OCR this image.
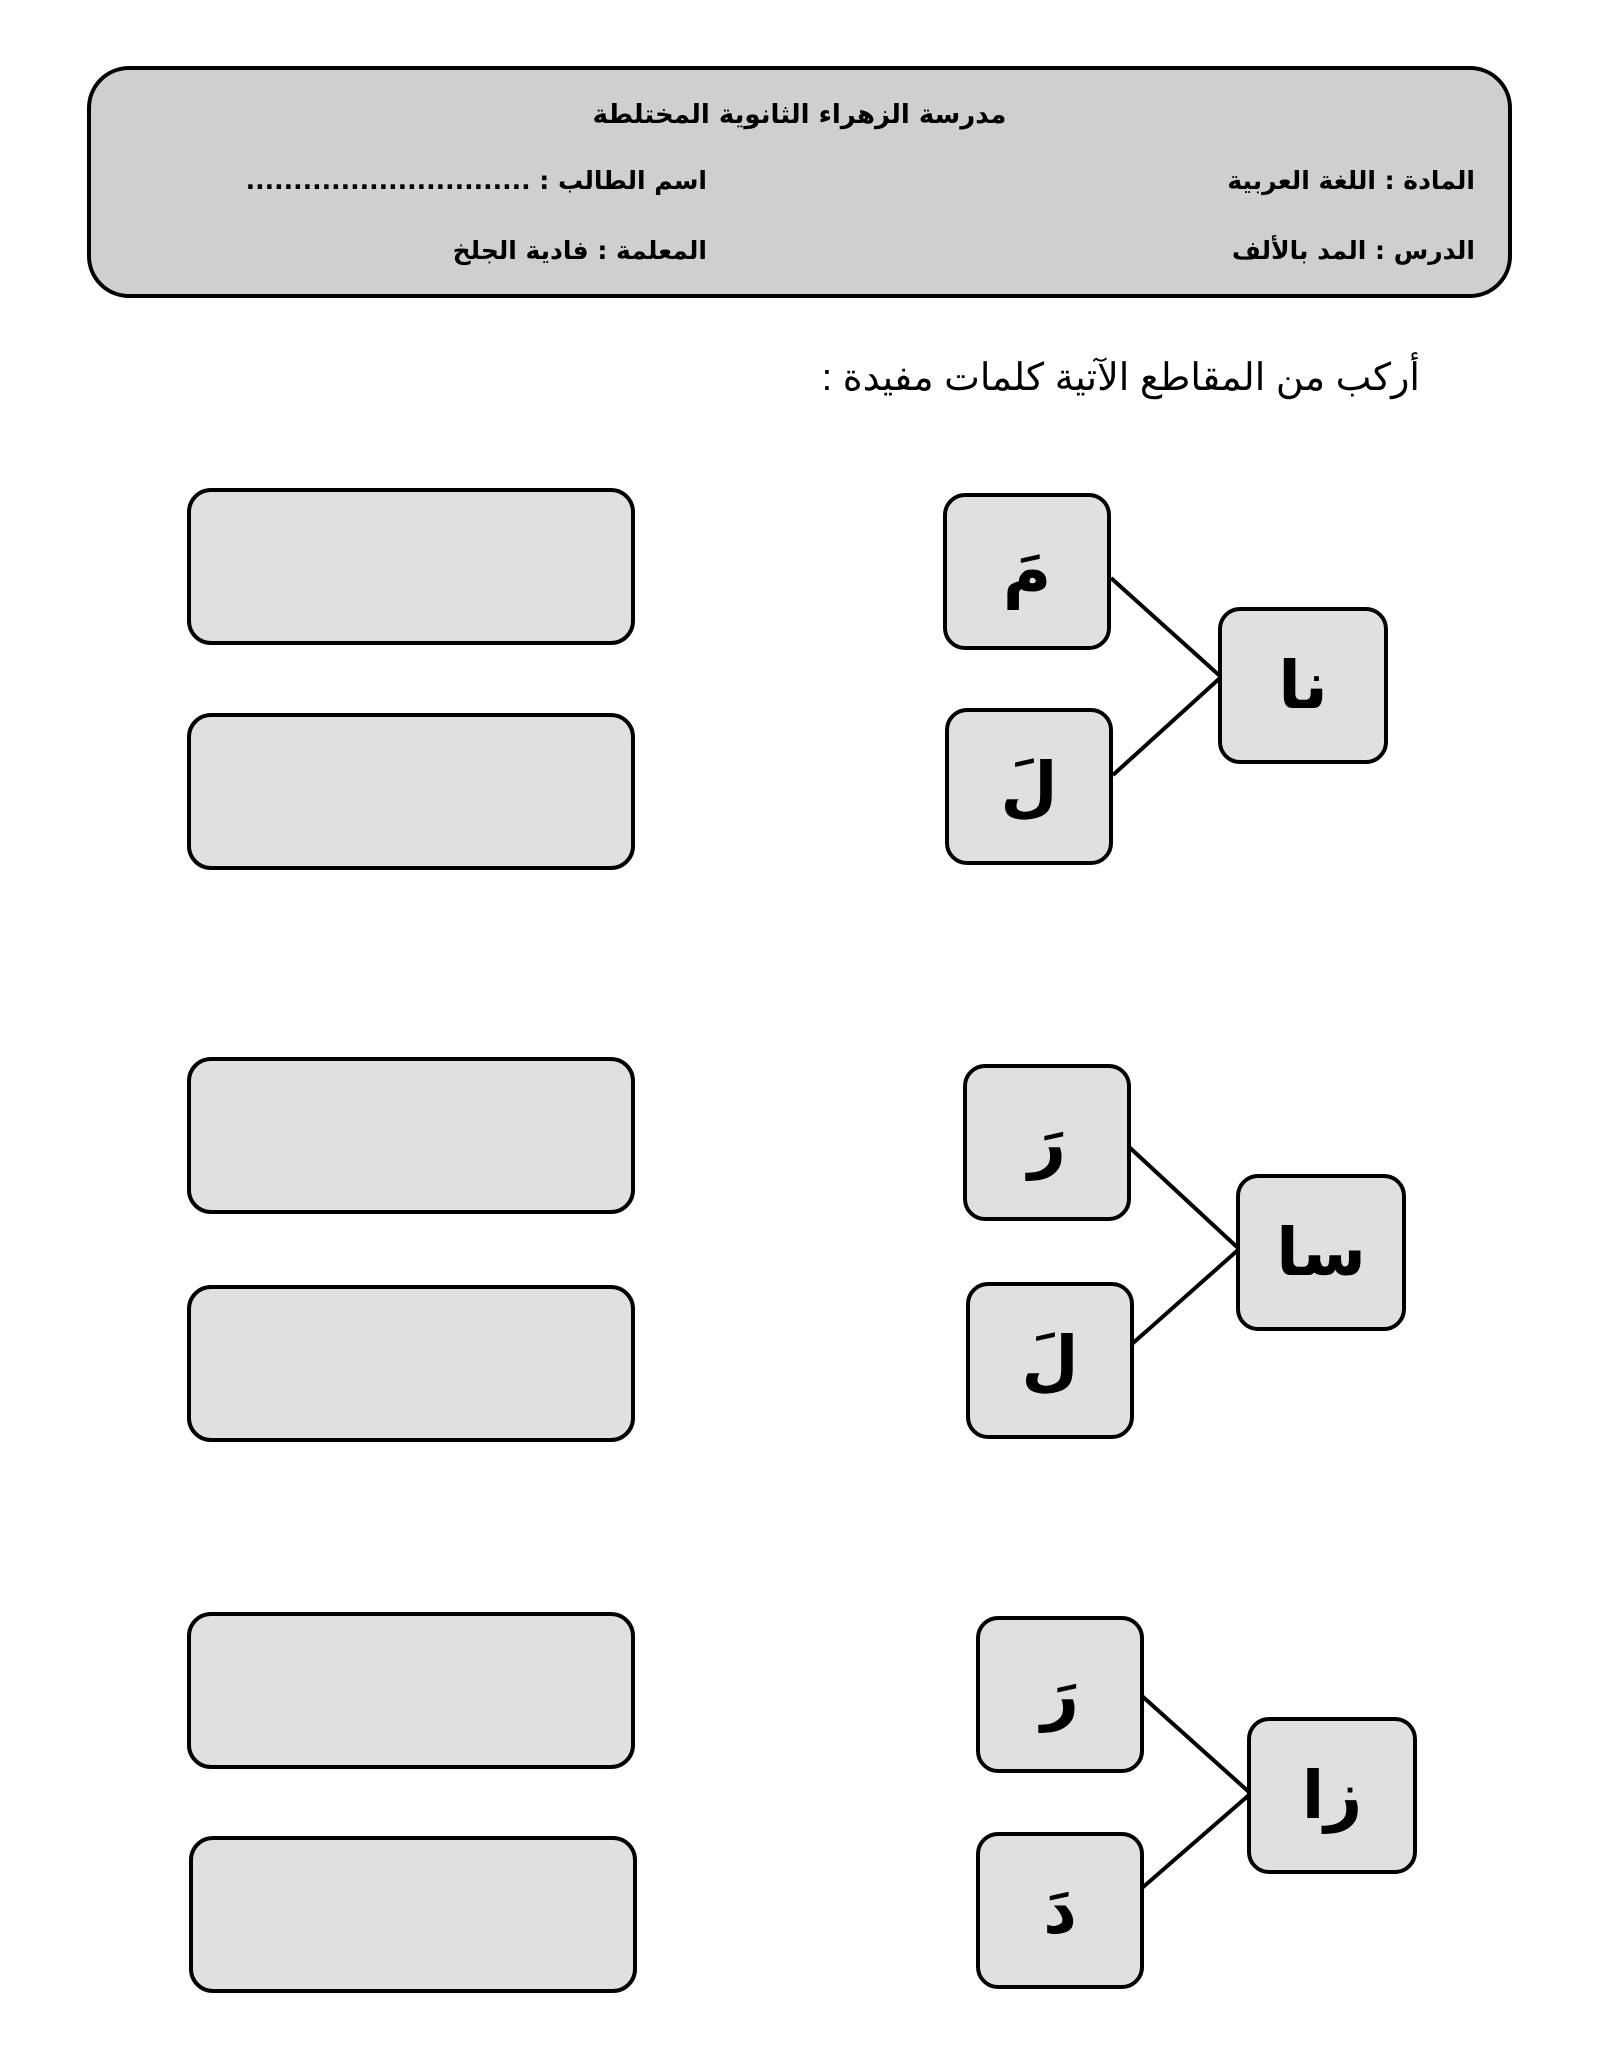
مدرسة الزهراء الثانوية المختلطة
المادة : اللغة العربية
اسم الطالب : ..............................
الدرس : المد بالألف
المعلمة : فادية الجلخ
أركب من المقاطع الآتية كلمات مفيدة :
مَ
لَ
نا
رَ
لَ
سا
رَ
دَ
زا
